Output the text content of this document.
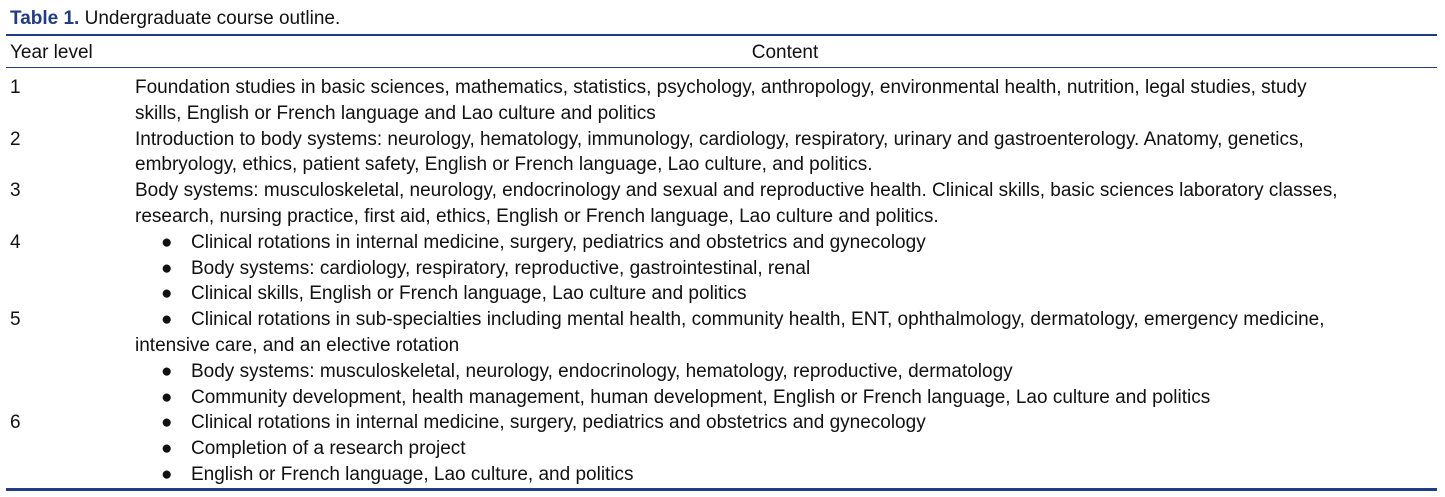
Table 1. Undergraduate course outline.
Year level	Content
1	Foundation studies in basic sciences, mathematics, statistics, psychology, anthropology, environmental health, nutrition, legal studies, study
skills, English or French language and Lao culture and politics
2	Introduction to body systems: neurology, hematology, immunology, cardiology, respiratory, urinary and gastroenterology. Anatomy, genetics,
embryology, ethics, patient safety, English or French language, Lao culture, and politics.
3	Body systems: musculoskeletal, neurology, endocrinology and sexual and reproductive health. Clinical skills, basic sciences laboratory classes,
research, nursing practice, first aid, ethics, English or French language, Lao culture and politics.
4	● Clinical rotations in internal medicine, surgery, pediatrics and obstetrics and gynecology
● Body systems: cardiology, respiratory, reproductive, gastrointestinal, renal
● Clinical skills, English or French language, Lao culture and politics
5	● Clinical rotations in sub-specialties including mental health, community health, ENT, ophthalmology, dermatology, emergency medicine,
intensive care, and an elective rotation
● Body systems: musculoskeletal, neurology, endocrinology, hematology, reproductive, dermatology
● Community development, health management, human development, English or French language, Lao culture and politics
6	● Clinical rotations in internal medicine, surgery, pediatrics and obstetrics and gynecology
● Completion of a research project
● English or French language, Lao culture, and politics
